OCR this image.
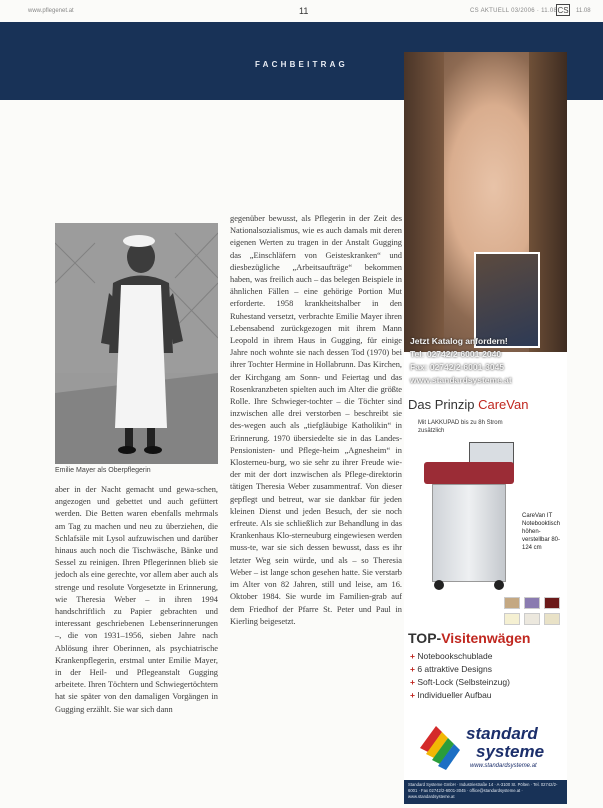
www.pflegenet.at	11	CS AKTUELL 03/2006 · 11.08 CS 11.08
FACHBEITRAG
Emilie Mayer als Oberpflegerin

aber in der Nacht gemacht und gewa-schen, angezogen und gebettet und auch gefüttert werden. Die Betten waren ebenfalls mehrmals am Tag zu machen und neu zu überziehen, die Schlafsäle mit Lysol aufzuwischen und darüber hinaus auch noch die Tischwäsche, Bänke und Sessel zu reinigen. Ihren Pflegerinnen blieb sie jedoch als eine gerechte, vor allem aber auch als strenge und resolute Vorgesetzte in Erinnerung, wie Theresia Weber – in ihren 1994 handschriftlich zu Papier gebrachten und interessant geschriebenen Lebenserinnerungen –, die von 1931–1956, sieben Jahre nach Ablösung ihrer Oberinnen, als psychiatrische Krankenpflegerin, erstmal unter Emilie Mayer, in der Heil- und Pflegeanstalt Gugging arbeitete. Ihren Töchtern und Schwiegertöchtern hat sie später von den damaligen Vorgängen in Gugging erzählt. Sie war sich dann

gegenüber bewusst, als Pflegerin in der Zeit des Nationalsozialismus, wie es auch damals mit deren eigenen Werten zu tragen in der Anstalt Gugging das „Einschläfern von Geisteskranken“ und diesbezügliche „Arbeitsaufträge“ bekommen haben, was freilich auch – das belegen Beispiele in ähnlichen Fällen – eine gehörige Portion Mut erforderte. 1958 krankheitshalber in den Ruhestand versetzt, verbrachte Emilie Mayer ihren Lebensabend zurückgezogen mit ihrem Mann Leopold in ihrem Haus in Gugging, für einige Jahre noch wohnte sie nach dessen Tod (1970) bei ihrer Tochter Hermine in Hollabrunn. Das Kirchen, der Kirchgang am Sonn- und Feiertag und das Rosenkranzbeten spielten auch im Alter die größte Rolle. Ihre Schwieger-tochter – die Töchter sind inzwischen alle drei verstorben – beschreibt sie des-wegen auch als „tiefgläubige Katholikin“ in Erinnerung. 1970 übersiedelte sie in das Landes-Pensionisten- und Pflege-heim „Agnesheim“ in Klosterneu-burg, wo sie sehr zu ihrer Freude wie-der mit der dort inzwischen als Pflege-direktorin tätigen Theresia Weber zusammentraf. Von dieser gepflegt und betreut, war sie dankbar für jeden kleinen Dienst und jeden Besuch, der sie noch erfreute. Als sie schließlich zur Behandlung in das Krankenhaus Klo-sterneuburg eingewiesen werden muss-te, war sie sich dessen bewusst, dass es ihr letzter Weg sein würde, und als – so Theresia Weber – ist lange schon gesehen hatte. Sie verstarb im Alter von 82 Jahren, still und leise, am 16. Oktober 1984. Sie wurde im Familien-grab auf dem Friedhof der Pfarre St. Peter und Paul in Kierling beigesetzt.

Jetzt Katalog anfordern!
Tel: 02742/2-6001-2040
Fax: 02742/2-6001-3045
www.standardsysteme.at
Das Prinzip CareVan
Mit LAKKUPAD bis zu 8h Strom zusätzlich
CareVan IT Notebooktisch höhen-verstellbar 80-124 cm
TOP-Visitenwägen
+ Notebookschublade
+ 6 attraktive Designs
+ Soft-Lock (Selbsteinzug)
+ Individueller Aufbau
standard
systeme
www.standardsysteme.at
Standard Systeme GmbH · Industriestraße 14 · A-3100 St. Pölten · Tel. 02742/2-6001 · Fax 02742/2-6001-3045 · office@standardsysteme.at · www.standardsysteme.at
